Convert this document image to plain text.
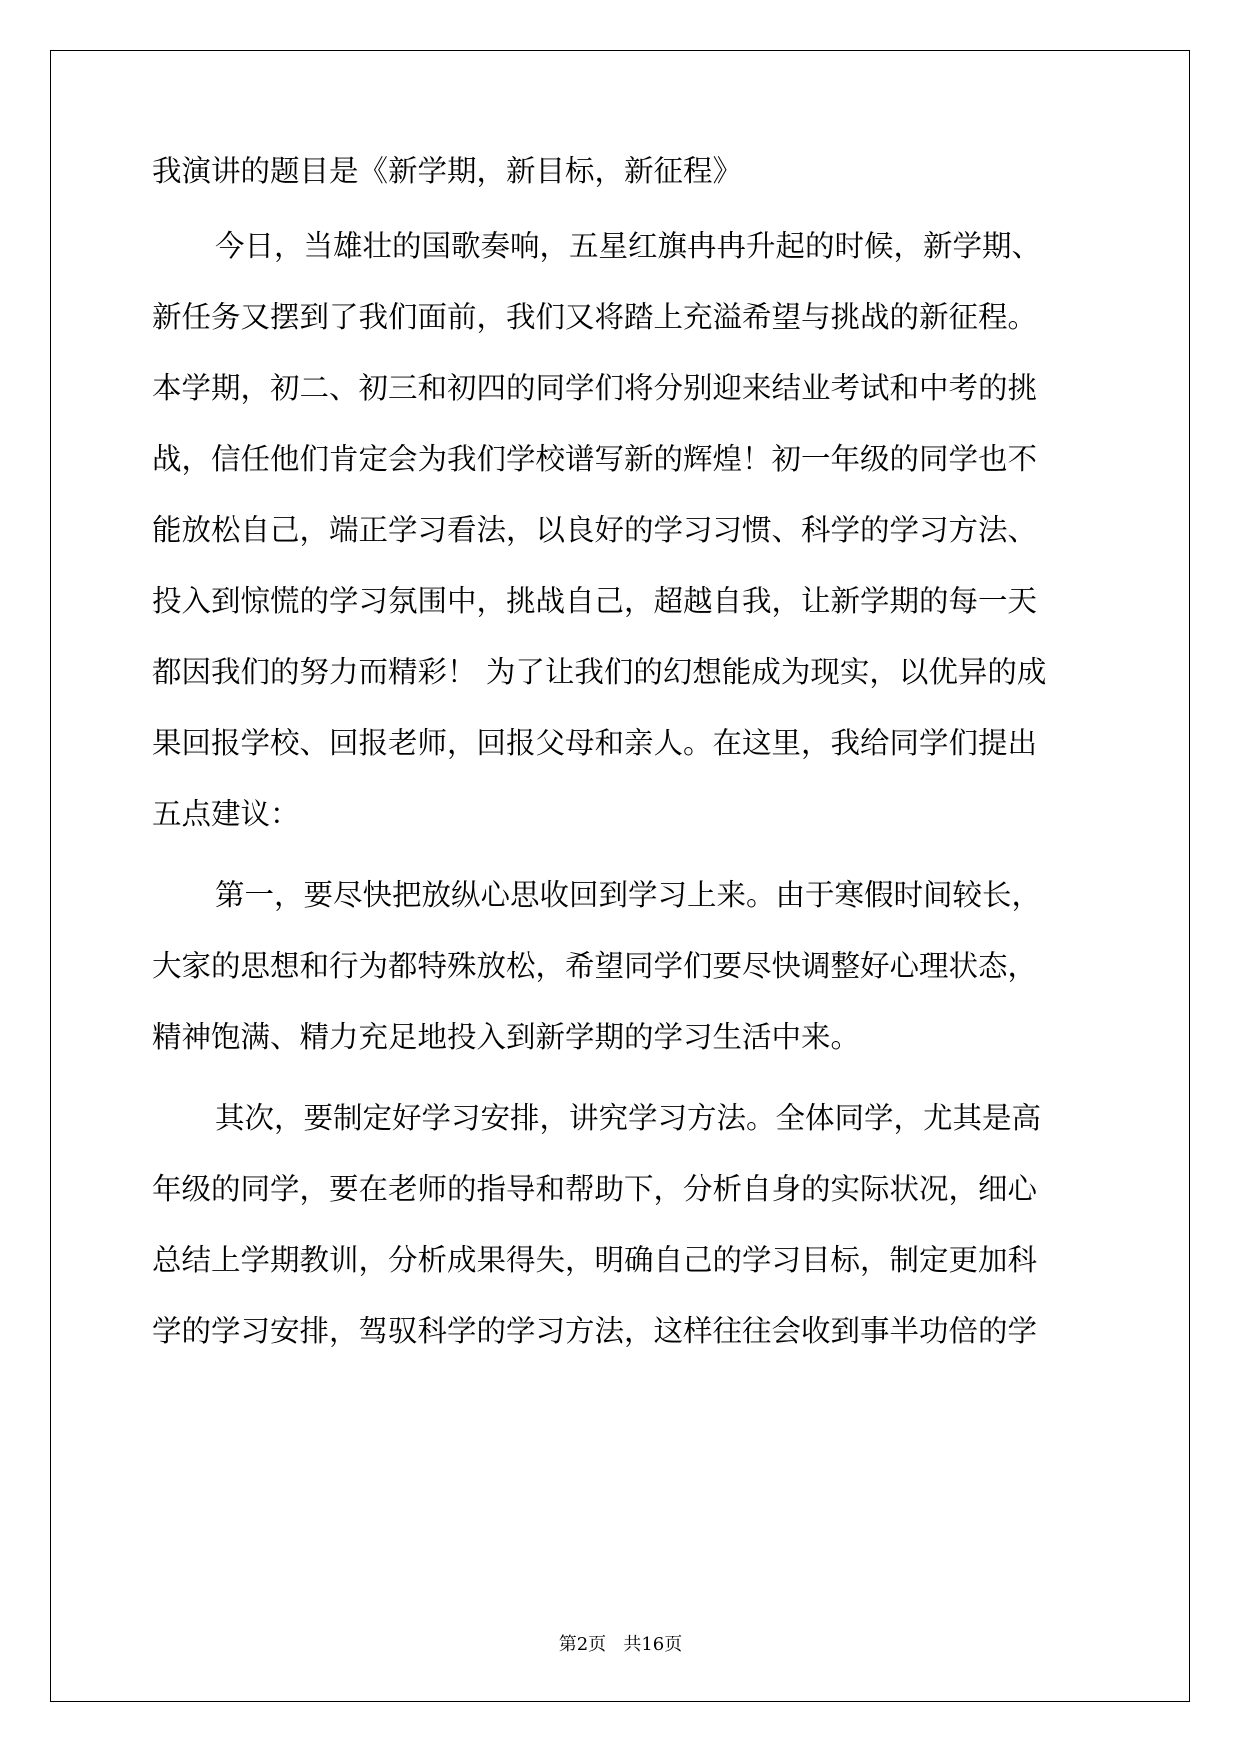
我演讲的题目是《新学期，新目标，新征程》
今日，当雄壮的国歌奏响，五星红旗冉冉升起的时候，新学期、
新任务又摆到了我们面前，我们又将踏上充溢希望与挑战的新征程。
本学期，初二、初三和初四的同学们将分别迎来结业考试和中考的挑
战，信任他们肯定会为我们学校谱写新的辉煌！初一年级的同学也不
能放松自己，端正学习看法，以良好的学习习惯、科学的学习方法、
投入到惊慌的学习氛围中，挑战自己，超越自我，让新学期的每一天
都因我们的努力而精彩！ 为了让我们的幻想能成为现实，以优异的成
果回报学校、回报老师，回报父母和亲人。在这里，我给同学们提出
五点建议：
第一，要尽快把放纵心思收回到学习上来。由于寒假时间较长，
大家的思想和行为都特殊放松，希望同学们要尽快调整好心理状态，
精神饱满、精力充足地投入到新学期的学习生活中来。
其次，要制定好学习安排，讲究学习方法。全体同学，尤其是高
年级的同学，要在老师的指导和帮助下，分析自身的实际状况，细心
总结上学期教训，分析成果得失，明确自己的学习目标，制定更加科
学的学习安排，驾驭科学的学习方法，这样往往会收到事半功倍的学
第2页   共16页
